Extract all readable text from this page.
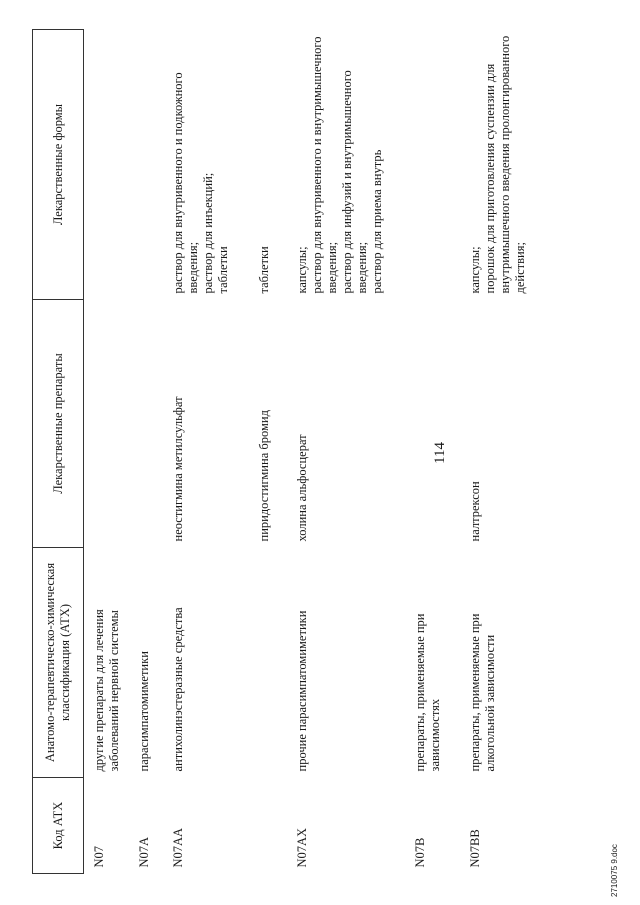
114
Код АТХ	Анатомо-терапевтическо-химическая классификация (АТХ)	Лекарственные препараты	Лекарственные формы
N07	другие препараты для лечения заболеваний нервной системы		
N07A	парасимпатомиметики		
N07AA	антихолинэстеразные средства	неостигмина метилсульфат	раствор для внутривенного и подкожного введения; раствор для инъекций; таблетки

		пиридостигмина бромид	таблетки

N07AX	прочие парасимпатомиметики	холина альфосцерат	капсулы; раствор для внутривенного и внутримышечного введения; раствор для инфузий и внутримышечного введения; раствор для приема внутрь

N07B	препараты, применяемые при зависимостях		
N07BB	препараты, применяемые при алкогольной зависимости	налтрексон	капсулы; порошок для приготовления суспензии для внутримышечного введения пролонгированного действия;
2710075 9.doc
